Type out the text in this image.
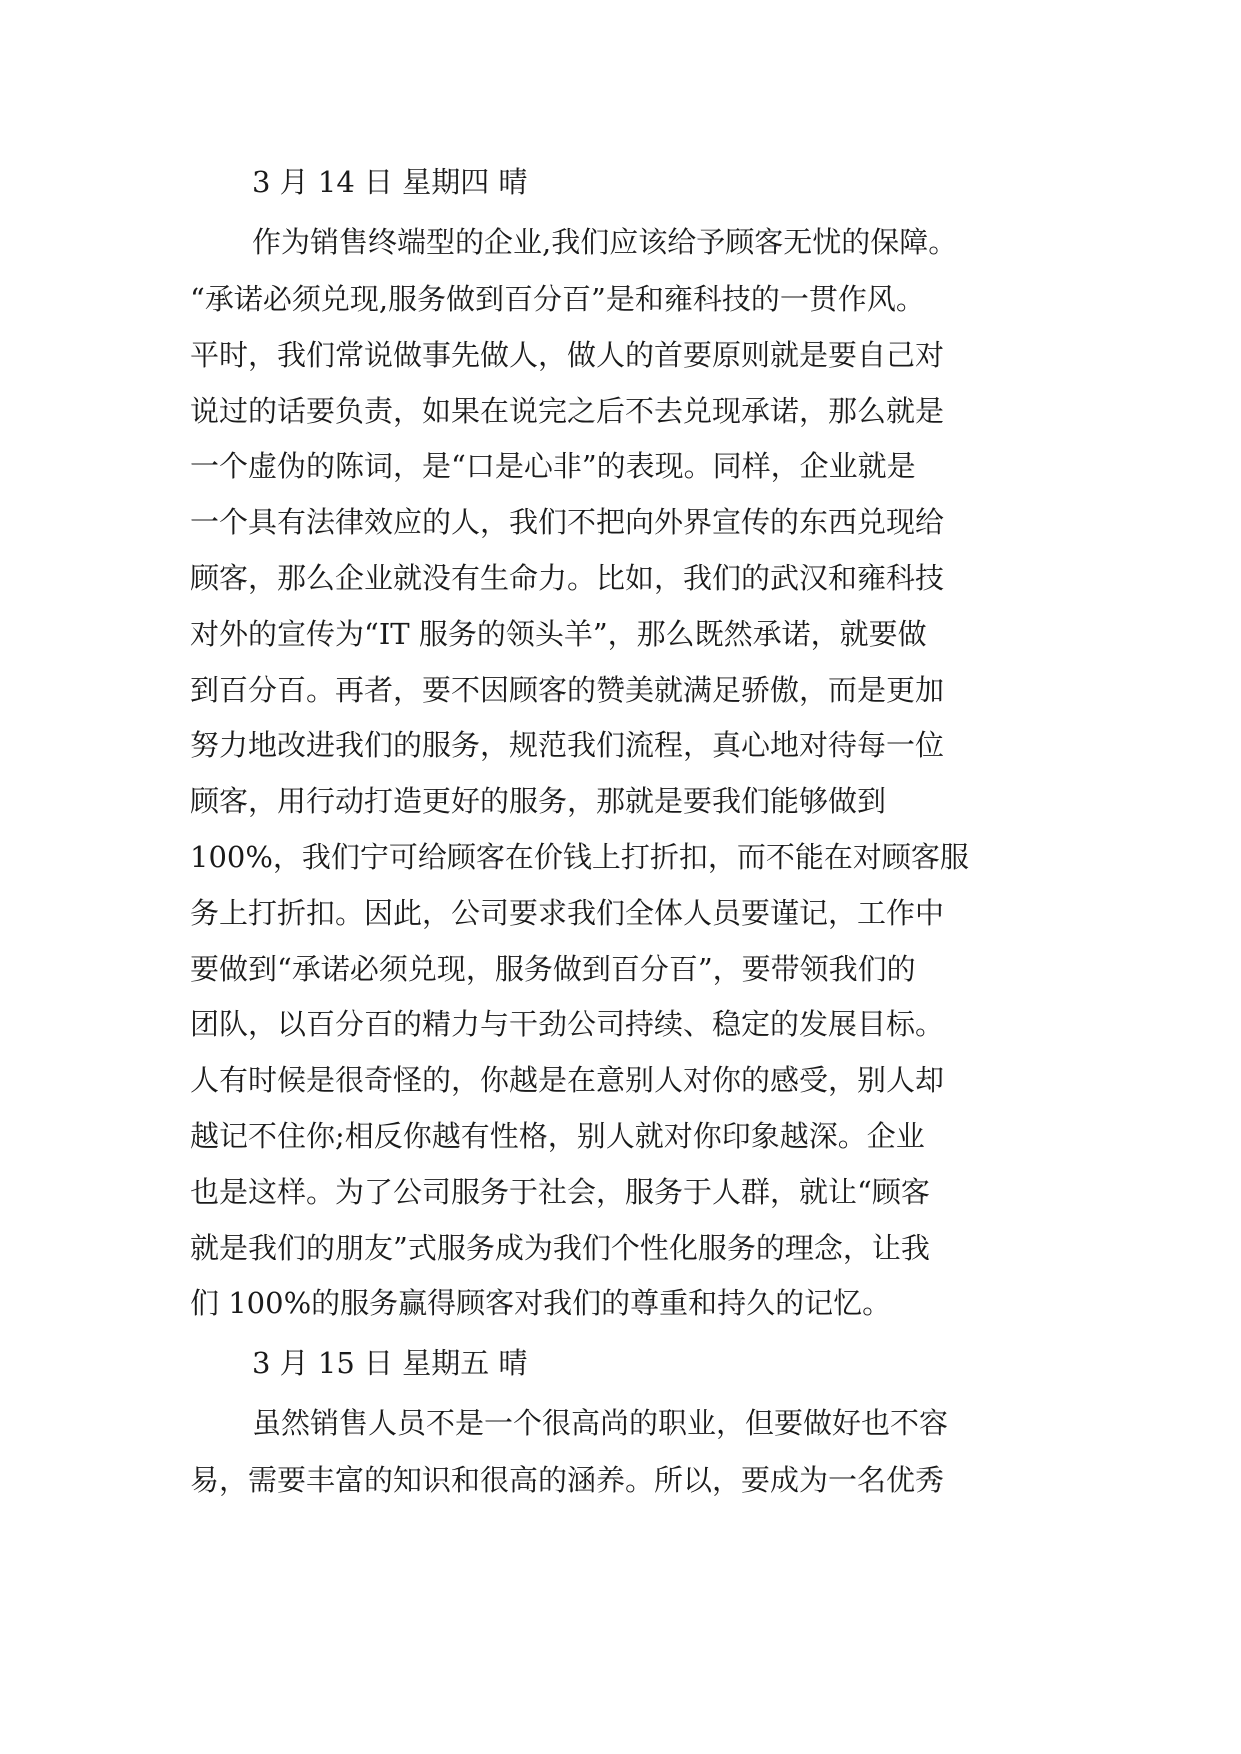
3 月 14 日 星期四 晴
作为销售终端型的企业,我们应该给予顾客无忧的保障。
“承诺必须兑现,服务做到百分百”是和雍科技的一贯作风。
平时，我们常说做事先做人，做人的首要原则就是要自己对
说过的话要负责，如果在说完之后不去兑现承诺，那么就是
一个虚伪的陈词，是“口是心非”的表现。同样，企业就是
一个具有法律效应的人，我们不把向外界宣传的东西兑现给
顾客，那么企业就没有生命力。比如，我们的武汉和雍科技
对外的宣传为“IT 服务的领头羊”，那么既然承诺，就要做
到百分百。再者，要不因顾客的赞美就满足骄傲，而是更加
努力地改进我们的服务，规范我们流程，真心地对待每一位
顾客，用行动打造更好的服务，那就是要我们能够做到
100%，我们宁可给顾客在价钱上打折扣，而不能在对顾客服
务上打折扣。因此，公司要求我们全体人员要谨记，工作中
要做到“承诺必须兑现，服务做到百分百”，要带领我们的
团队，以百分百的精力与干劲公司持续、稳定的发展目标。
人有时候是很奇怪的，你越是在意别人对你的感受，别人却
越记不住你;相反你越有性格，别人就对你印象越深。企业
也是这样。为了公司服务于社会，服务于人群，就让“顾客
就是我们的朋友”式服务成为我们个性化服务的理念，让我
们 100%的服务赢得顾客对我们的尊重和持久的记忆。
3 月 15 日 星期五 晴
虽然销售人员不是一个很高尚的职业，但要做好也不容
易，需要丰富的知识和很高的涵养。所以，要成为一名优秀
